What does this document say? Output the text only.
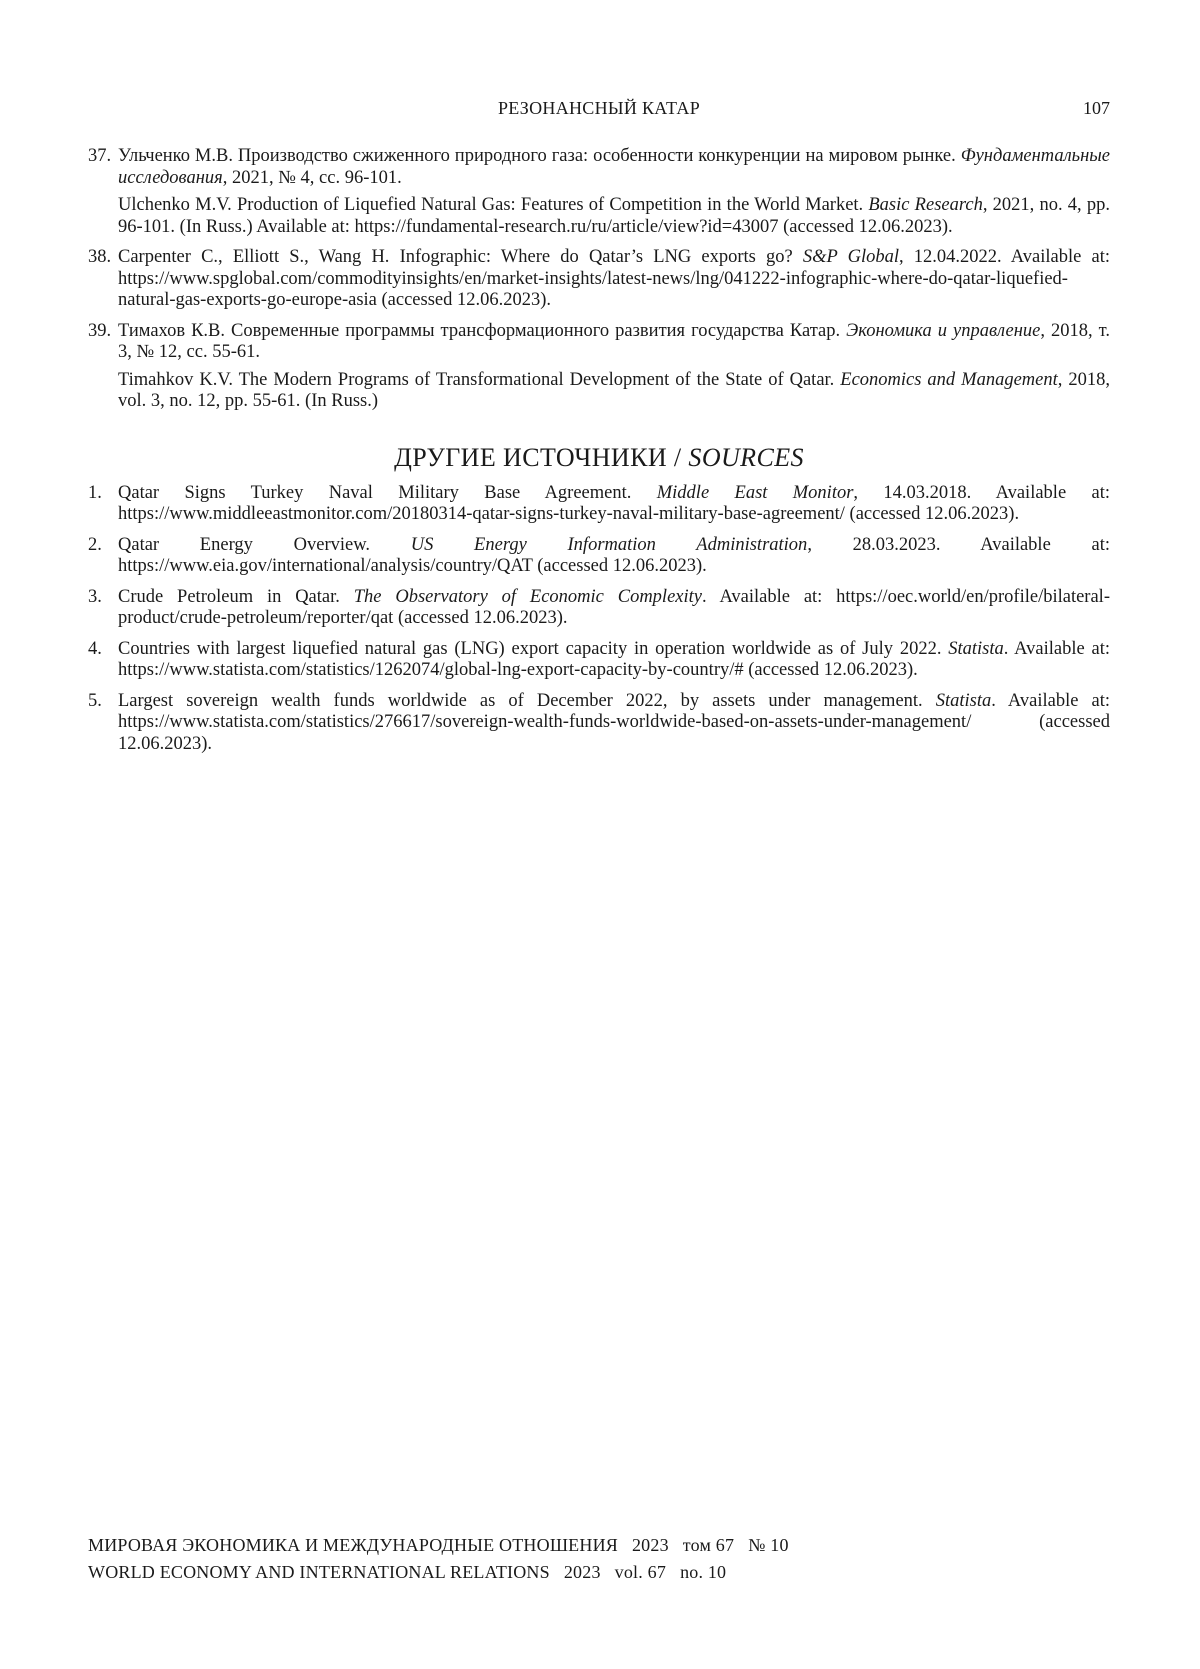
РЕЗОНАНСНЫЙ КАТАР	107
37. Ульченко М.В. Производство сжиженного природного газа: особенности конкуренции на мировом рынке. Фундаментальные исследования, 2021, № 4, сс. 96-101.

Ulchenko M.V. Production of Liquefied Natural Gas: Features of Competition in the World Market. Basic Research, 2021, no. 4, pp. 96-101. (In Russ.) Available at: https://fundamental-research.ru/ru/article/view?id=43007 (accessed 12.06.2023).

38. Carpenter C., Elliott S., Wang H. Infographic: Where do Qatar’s LNG exports go? S&P Global, 12.04.2022. Available at: https://www.spglobal.com/commodityinsights/en/market-insights/latest-news/lng/041222-infographic-where-do-qatar-liquefied-natural-gas-exports-go-europe-asia (accessed 12.06.2023).

39. Тимахов К.В. Современные программы трансформационного развития государства Катар. Экономика и управление, 2018, т. 3, № 12, сс. 55-61.

Timahkov K.V. The Modern Programs of Transformational Development of the State of Qatar. Economics and Management, 2018, vol. 3, no. 12, pp. 55-61. (In Russ.)

ДРУГИЕ ИСТОЧНИКИ / SOURCES
1. Qatar Signs Turkey Naval Military Base Agreement. Middle East Monitor, 14.03.2018. Available at: https://www.middleeastmonitor.com/20180314-qatar-signs-turkey-naval-military-base-agreement/ (accessed 12.06.2023).

2. Qatar Energy Overview. US Energy Information Administration, 28.03.2023. Available at: https://www.eia.gov/international/analysis/country/QAT (accessed 12.06.2023).

3. Crude Petroleum in Qatar. The Observatory of Economic Complexity. Available at: https://oec.world/en/profile/bilateral-product/crude-petroleum/reporter/qat (accessed 12.06.2023).

4. Countries with largest liquefied natural gas (LNG) export capacity in operation worldwide as of July 2022. Statista. Available at: https://www.statista.com/statistics/1262074/global-lng-export-capacity-by-country/# (accessed 12.06.2023).

5. Largest sovereign wealth funds worldwide as of December 2022, by assets under management. Statista. Available at: https://www.statista.com/statistics/276617/sovereign-wealth-funds-worldwide-based-on-assets-under-management/ (accessed 12.06.2023).

МИРОВАЯ ЭКОНОМИКА И МЕЖДУНАРОДНЫЕ ОТНОШЕНИЯ 2023 том 67 № 10
WORLD ECONOMY AND INTERNATIONAL RELATIONS 2023 vol. 67 no. 10
